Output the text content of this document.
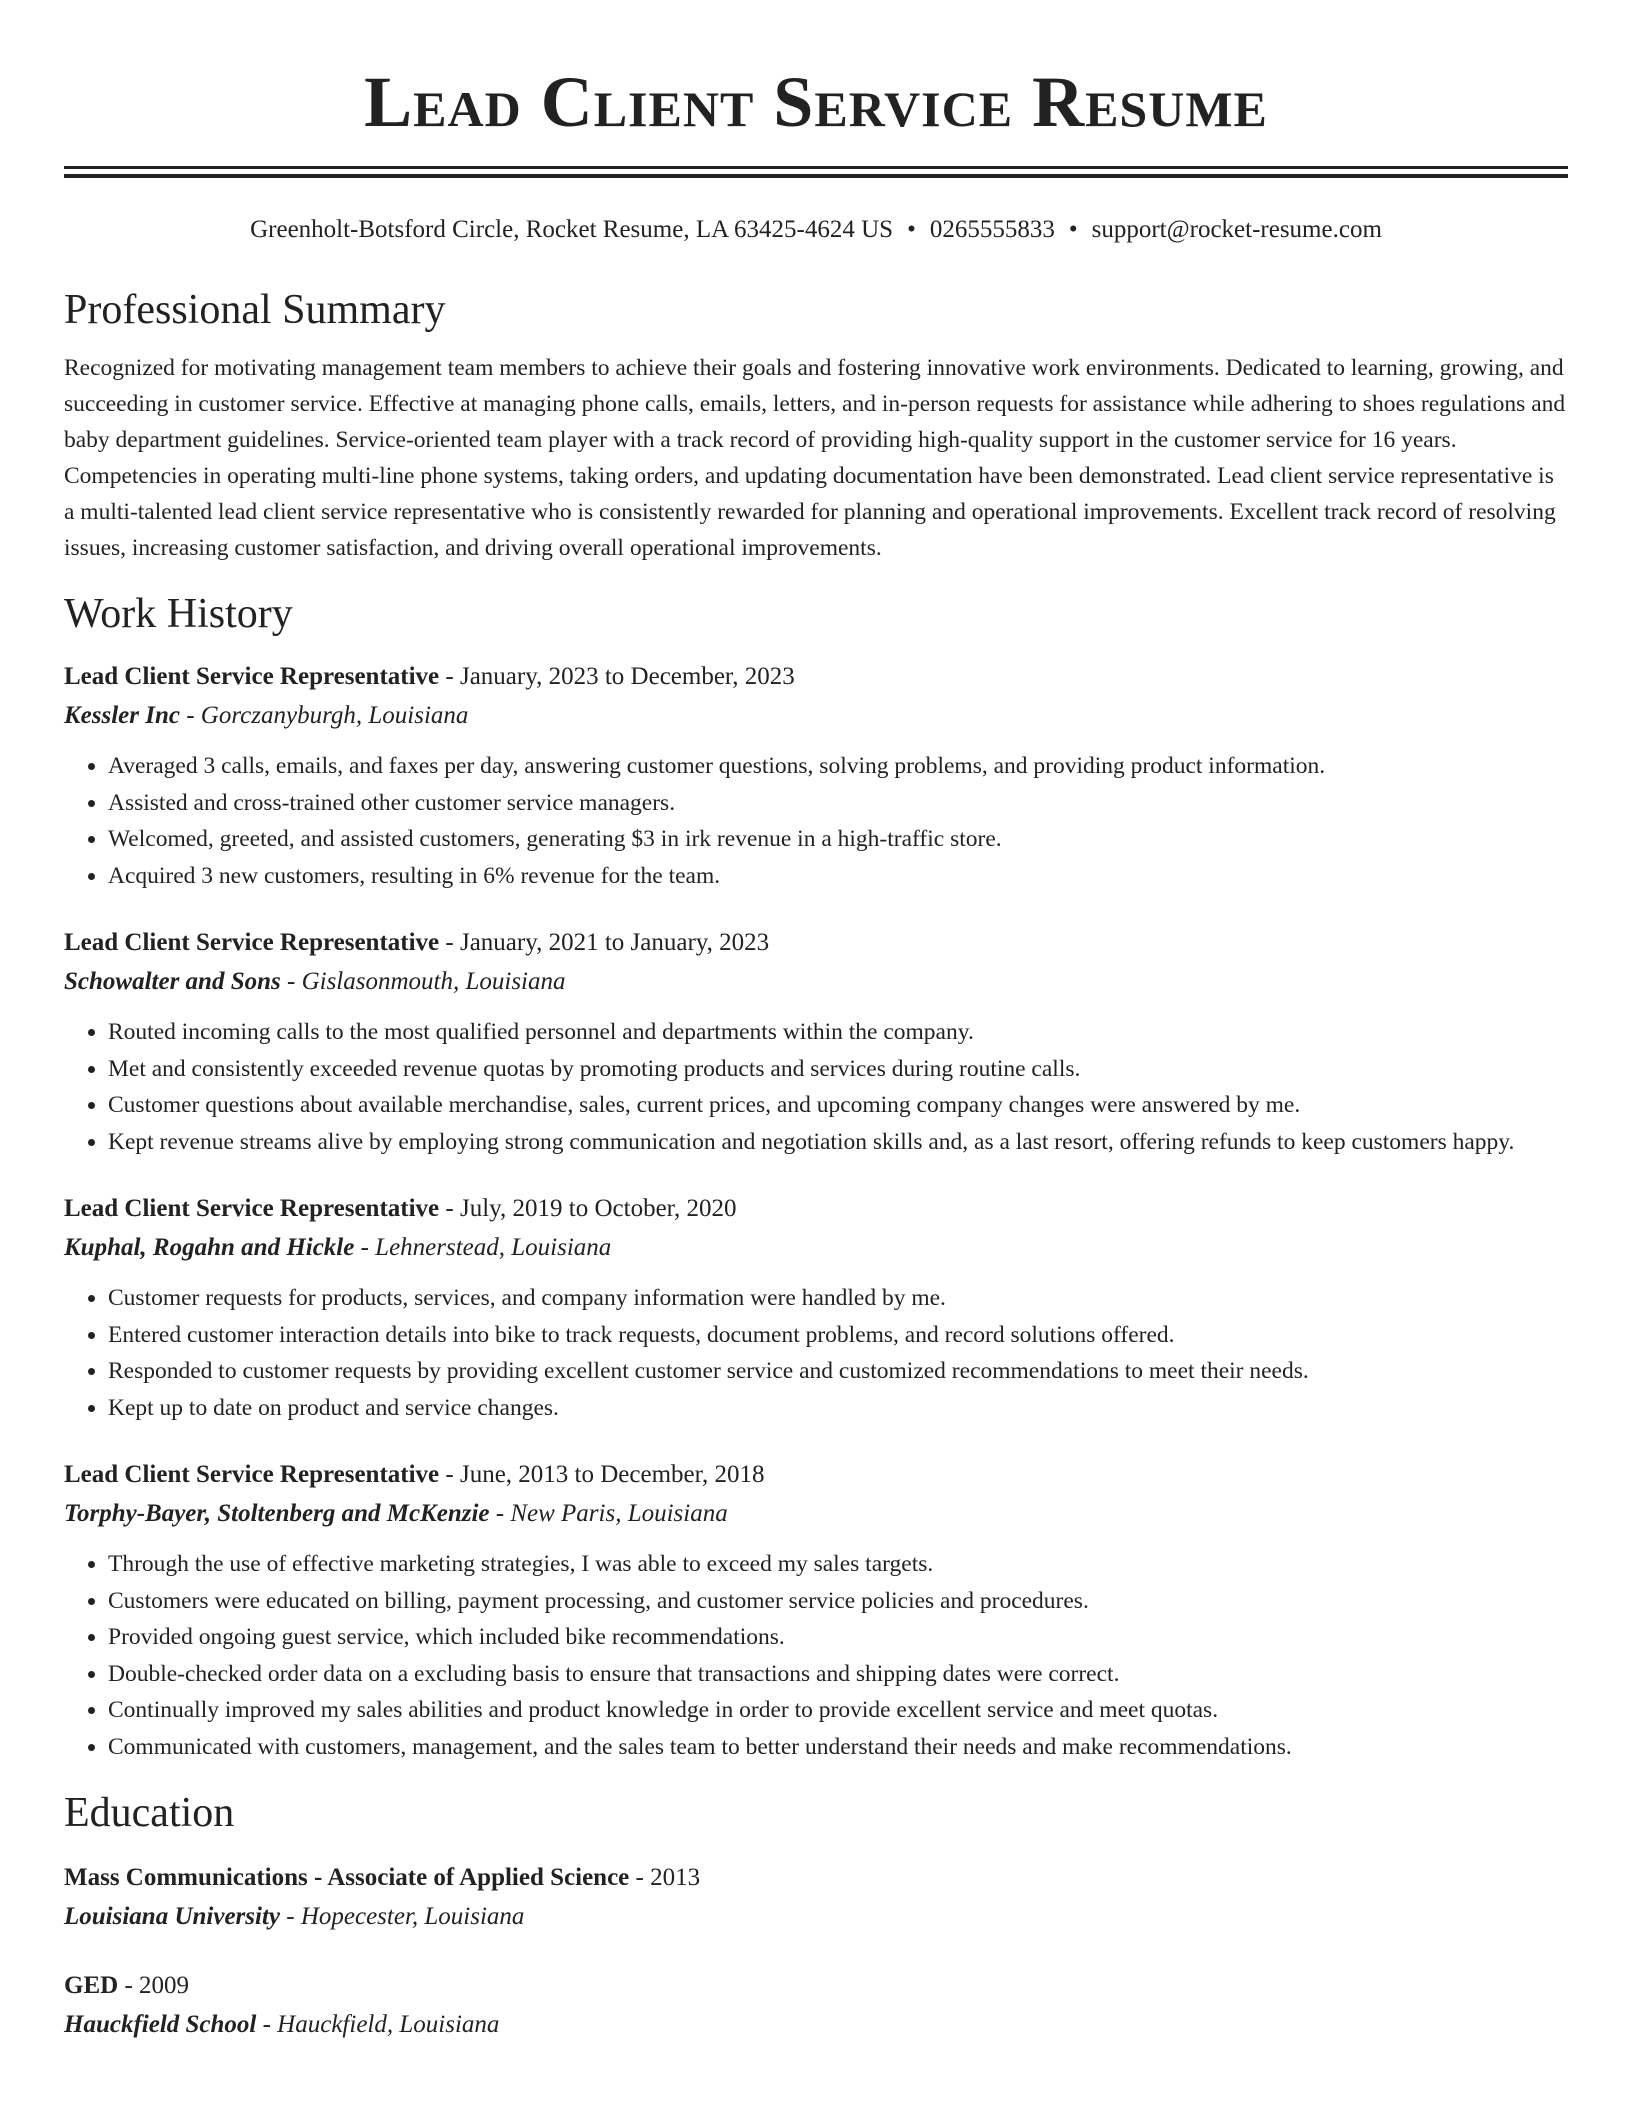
Lead Client Service Resume
Greenholt-Botsford Circle, Rocket Resume, LA 63425-4624 US • 0265555833 • support@rocket-resume.com
Professional Summary

Recognized for motivating management team members to achieve their goals and fostering innovative work environments. Dedicated to learning, growing, and succeeding in customer service. Effective at managing phone calls, emails, letters, and in-person requests for assistance while adhering to shoes regulations and baby department guidelines. Service-oriented team player with a track record of providing high-quality support in the customer service for 16 years. Competencies in operating multi-line phone systems, taking orders, and updating documentation have been demonstrated. Lead client service representative is a multi-talented lead client service representative who is consistently rewarded for planning and operational improvements. Excellent track record of resolving issues, increasing customer satisfaction, and driving overall operational improvements.

Work History
Lead Client Service Representative - January, 2023 to December, 2023
Kessler Inc - Gorczanyburgh, Louisiana
• Averaged 3 calls, emails, and faxes per day, answering customer questions, solving problems, and providing product information.
• Assisted and cross-trained other customer service managers.
• Welcomed, greeted, and assisted customers, generating $3 in irk revenue in a high-traffic store.
• Acquired 3 new customers, resulting in 6% revenue for the team.
Lead Client Service Representative - January, 2021 to January, 2023
Schowalter and Sons - Gislasonmouth, Louisiana
• Routed incoming calls to the most qualified personnel and departments within the company.
• Met and consistently exceeded revenue quotas by promoting products and services during routine calls.
• Customer questions about available merchandise, sales, current prices, and upcoming company changes were answered by me.
• Kept revenue streams alive by employing strong communication and negotiation skills and, as a last resort, offering refunds to keep customers happy.
Lead Client Service Representative - July, 2019 to October, 2020
Kuphal, Rogahn and Hickle - Lehnerstead, Louisiana
• Customer requests for products, services, and company information were handled by me.
• Entered customer interaction details into bike to track requests, document problems, and record solutions offered.
• Responded to customer requests by providing excellent customer service and customized recommendations to meet their needs.
• Kept up to date on product and service changes.
Lead Client Service Representative - June, 2013 to December, 2018
Torphy-Bayer, Stoltenberg and McKenzie - New Paris, Louisiana
• Through the use of effective marketing strategies, I was able to exceed my sales targets.
• Customers were educated on billing, payment processing, and customer service policies and procedures.
• Provided ongoing guest service, which included bike recommendations.
• Double-checked order data on a excluding basis to ensure that transactions and shipping dates were correct.
• Continually improved my sales abilities and product knowledge in order to provide excellent service and meet quotas.
• Communicated with customers, management, and the sales team to better understand their needs and make recommendations.
Education
Mass Communications - Associate of Applied Science - 2013
Louisiana University - Hopecester, Louisiana
GED - 2009
Hauckfield School - Hauckfield, Louisiana
